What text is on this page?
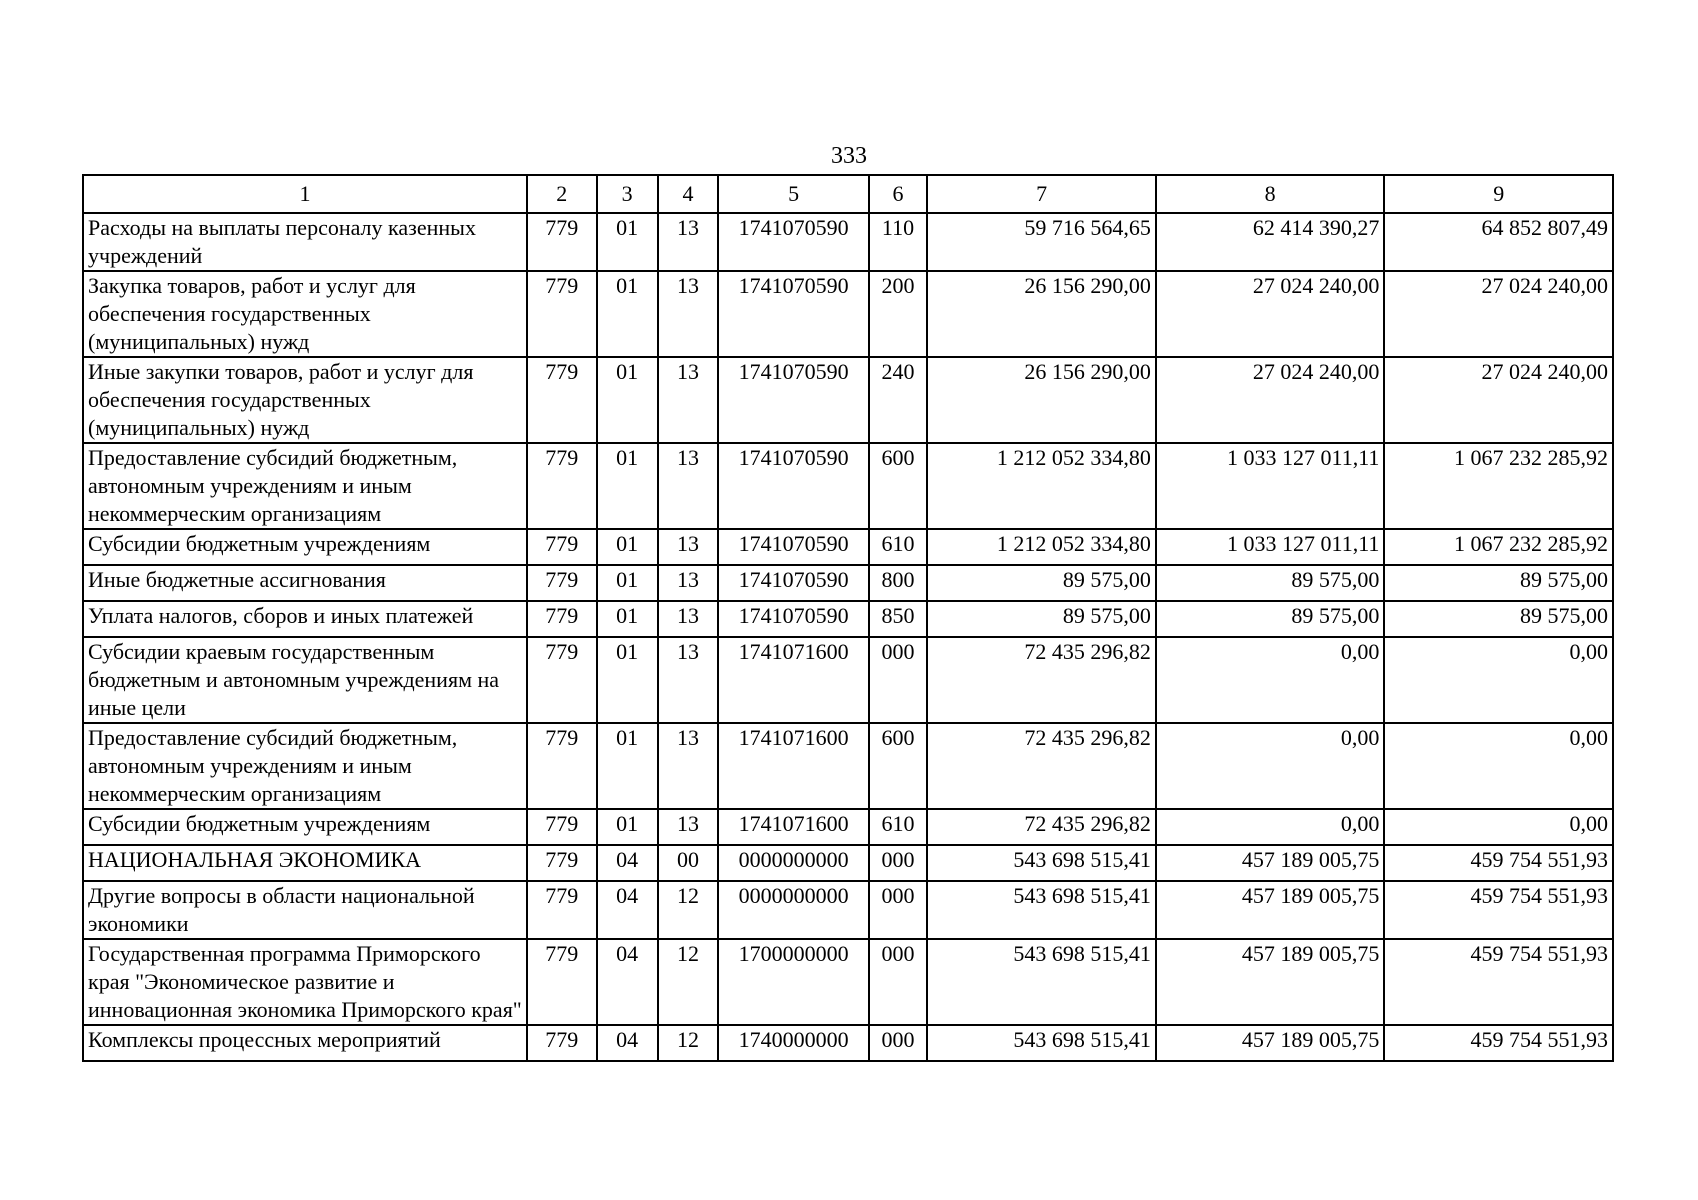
333
1	2	3	4	5	6	7	8	9
Расходы на выплаты персоналу казенных учреждений	779	01	13	1741070590	110	59 716 564,65	62 414 390,27	64 852 807,49
Закупка товаров, работ и услуг для обеспечения государственных (муниципальных) нужд	779	01	13	1741070590	200	26 156 290,00	27 024 240,00	27 024 240,00
Иные закупки товаров, работ и услуг для обеспечения государственных (муниципальных) нужд	779	01	13	1741070590	240	26 156 290,00	27 024 240,00	27 024 240,00
Предоставление субсидий бюджетным, автономным учреждениям и иным некоммерческим организациям	779	01	13	1741070590	600	1 212 052 334,80	1 033 127 011,11	1 067 232 285,92
Субсидии бюджетным учреждениям	779	01	13	1741070590	610	1 212 052 334,80	1 033 127 011,11	1 067 232 285,92
Иные бюджетные ассигнования	779	01	13	1741070590	800	89 575,00	89 575,00	89 575,00
Уплата налогов, сборов и иных платежей	779	01	13	1741070590	850	89 575,00	89 575,00	89 575,00
Субсидии краевым государственным бюджетным и автономным учреждениям на иные цели	779	01	13	1741071600	000	72 435 296,82	0,00	0,00
Предоставление субсидий бюджетным, автономным учреждениям и иным некоммерческим организациям	779	01	13	1741071600	600	72 435 296,82	0,00	0,00
Субсидии бюджетным учреждениям	779	01	13	1741071600	610	72 435 296,82	0,00	0,00
НАЦИОНАЛЬНАЯ ЭКОНОМИКА	779	04	00	0000000000	000	543 698 515,41	457 189 005,75	459 754 551,93
Другие вопросы в области национальной экономики	779	04	12	0000000000	000	543 698 515,41	457 189 005,75	459 754 551,93
Государственная программа Приморского края "Экономическое развитие и инновационная экономика Приморского края"	779	04	12	1700000000	000	543 698 515,41	457 189 005,75	459 754 551,93
Комплексы процессных мероприятий	779	04	12	1740000000	000	543 698 515,41	457 189 005,75	459 754 551,93
